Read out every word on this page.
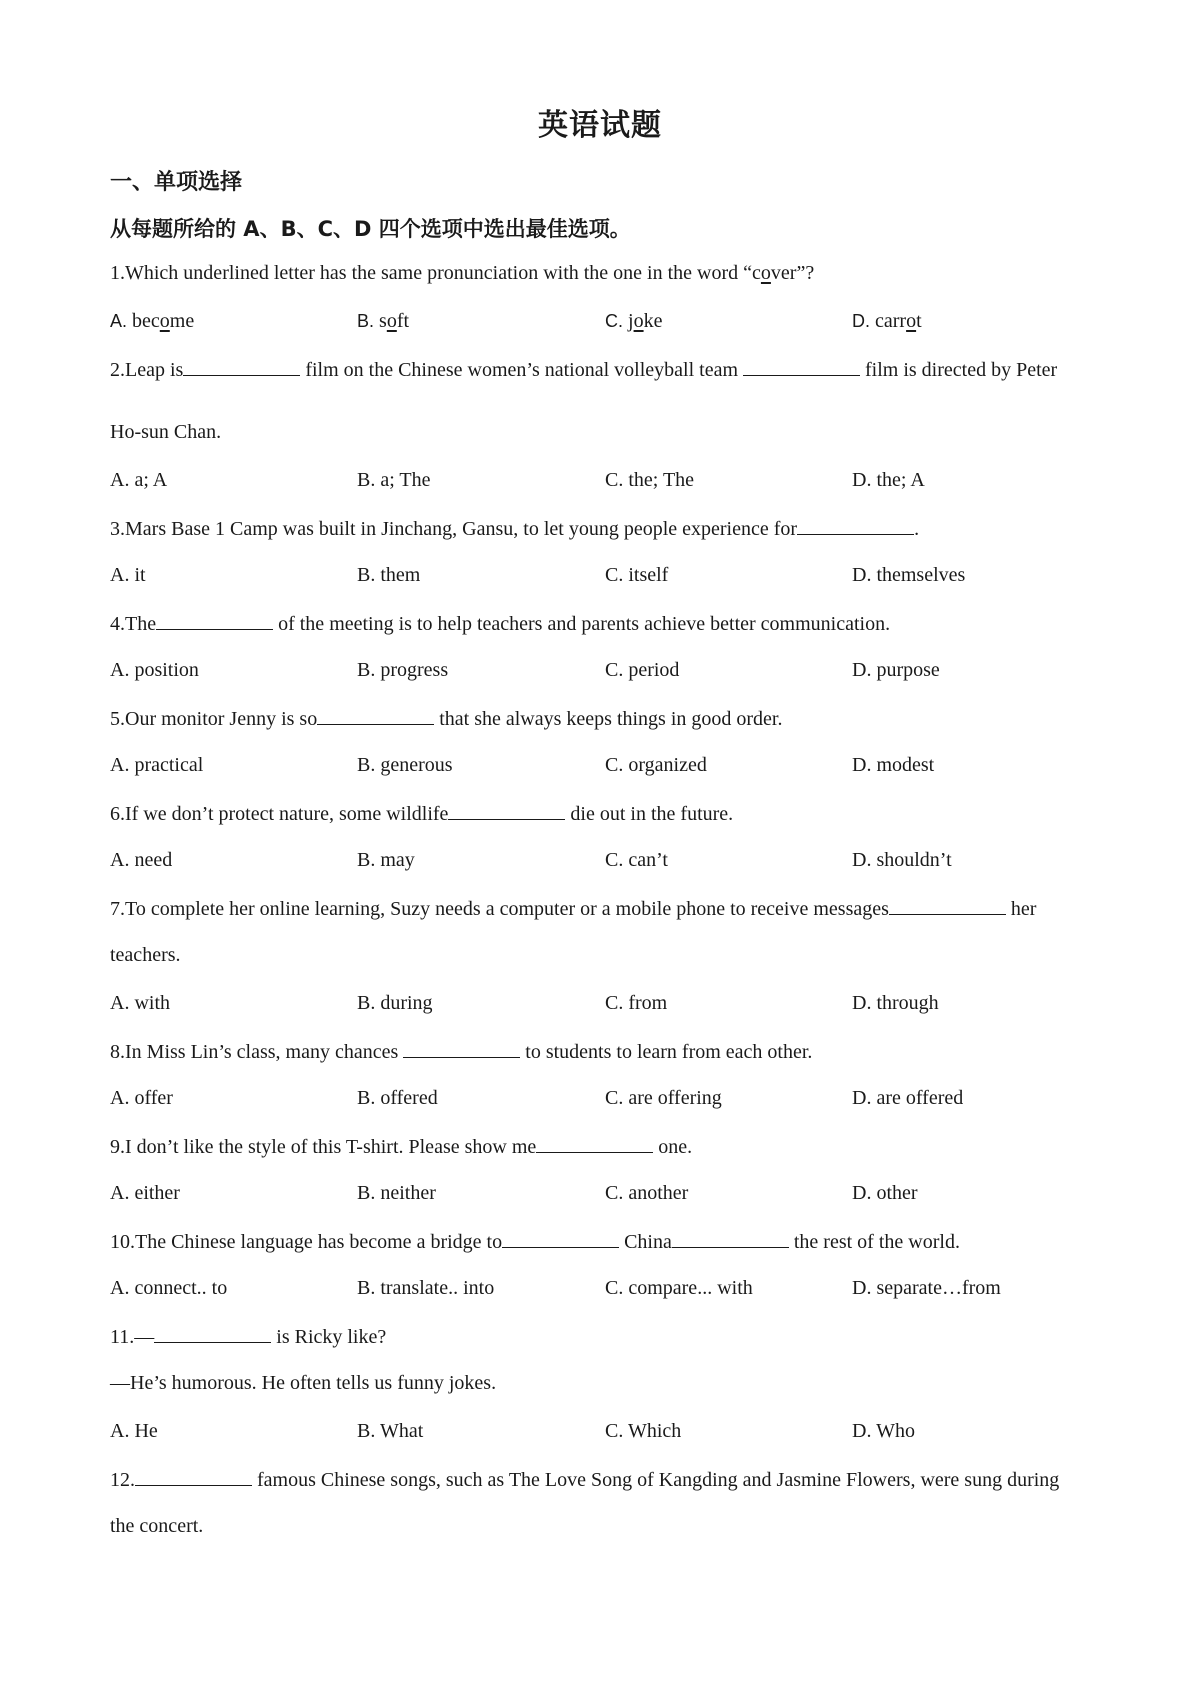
英语试题
一、单项选择
从每题所给的 A、B、C、D 四个选项中选出最佳选项。
1.Which underlined letter has the same pronunciation with the one in the word “cover”?
A. become	B. soft	C. joke	D. carrot
2.Leap is	film on the Chinese women’s national volleyball team	film is directed by Peter
Ho-sun Chan.
A. a; A	B. a; The	C. the; The	D. the; A
3.Mars Base 1 Camp was built in Jinchang, Gansu, to let young people experience for	.
A. it	B. them	C. itself	D. themselves
4.The	of the meeting is to help teachers and parents achieve better communication.
A. position	B. progress	C. period	D. purpose
5.Our monitor Jenny is so	that she always keeps things in good order.
A. practical	B. generous	C. organized	D. modest
6.If we don’t protect nature, some wildlife	die out in the future.
A. need	B. may	C. can’t	D. shouldn’t
7.To complete her online learning, Suzy needs a computer or a mobile phone to receive messages	her
teachers.
A. with	B. during	C. from	D. through
8.In Miss Lin’s class, many chances	to students to learn from each other.
A. offer	B. offered	C. are offering	D. are offered
9.I don’t like the style of this T-shirt. Please show me	one.
A. either	B. neither	C. another	D. other
10.The Chinese language has become a bridge to	China	the rest of the world.
A. connect.. to	B. translate.. into	C. compare... with	D. separate…from
11.—	is Ricky like?
—He’s humorous. He often tells us funny jokes.
A. He	B. What	C. Which	D. Who
12.	famous Chinese songs, such as The Love Song of Kangding and Jasmine Flowers, were sung during
the concert.
